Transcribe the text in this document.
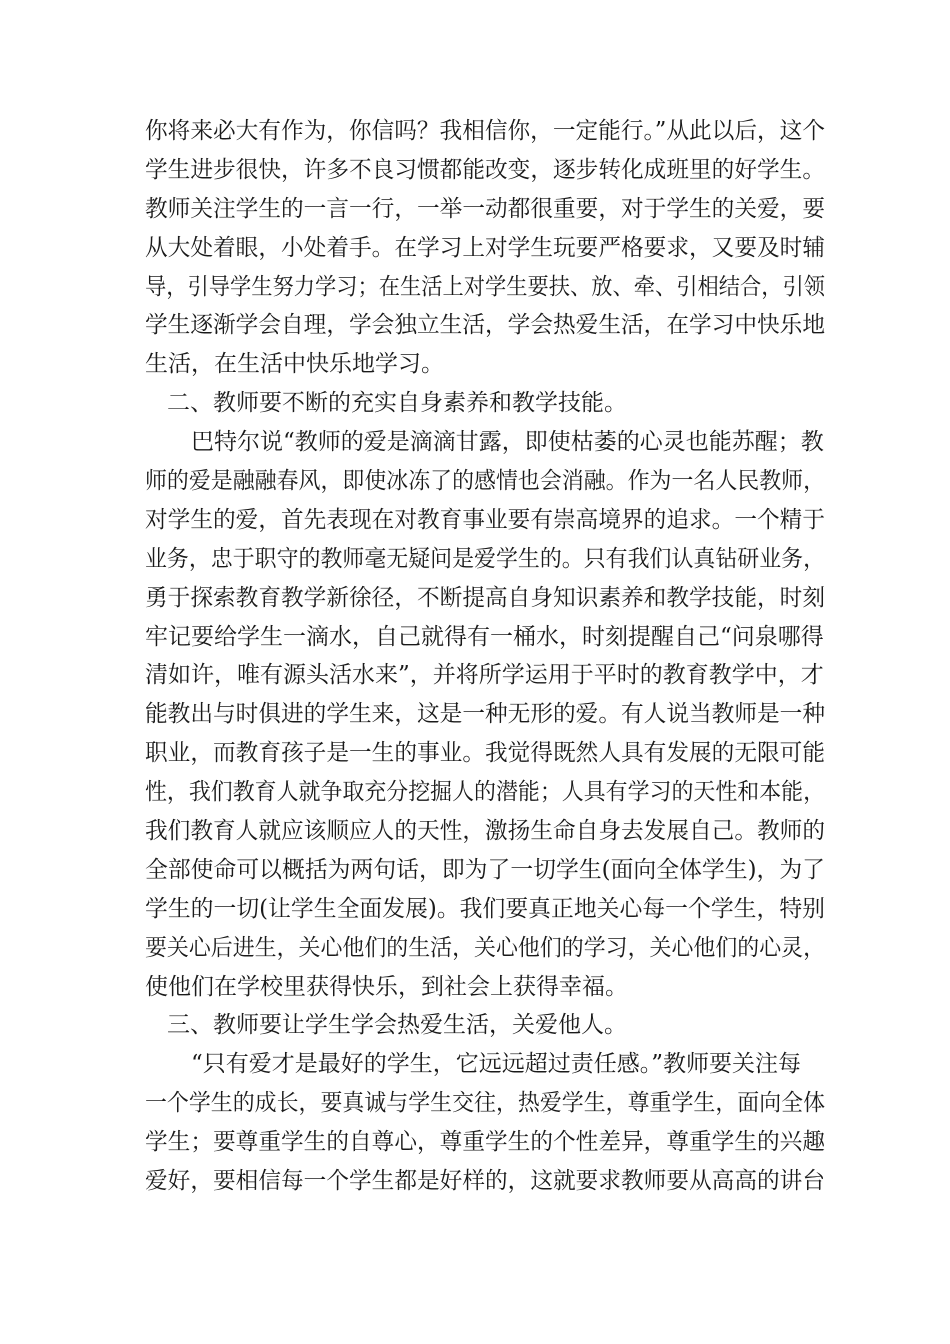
你将来必大有作为，你信吗？我相信你，一定能行。”从此以后，这个
学生进步很快，许多不良习惯都能改变，逐步转化成班里的好学生。
教师关注学生的一言一行，一举一动都很重要，对于学生的关爱，要
从大处着眼，小处着手。在学习上对学生玩要严格要求，又要及时辅
导，引导学生努力学习；在生活上对学生要扶、放、牵、引相结合，引领
学生逐渐学会自理，学会独立生活，学会热爱生活，在学习中快乐地
生活，在生活中快乐地学习。
二、教师要不断的充实自身素养和教学技能。
巴特尔说“教师的爱是滴滴甘露，即使枯萎的心灵也能苏醒；教
师的爱是融融春风，即使冰冻了的感情也会消融。作为一名人民教师，
对学生的爱，首先表现在对教育事业要有崇高境界的追求。一个精于
业务，忠于职守的教师毫无疑问是爱学生的。只有我们认真钻研业务，
勇于探索教育教学新徐径，不断提高自身知识素养和教学技能，时刻
牢记要给学生一滴水，自己就得有一桶水，时刻提醒自己“问泉哪得
清如许，唯有源头活水来”，并将所学运用于平时的教育教学中，才
能教出与时俱进的学生来，这是一种无形的爱。有人说当教师是一种
职业，而教育孩子是一生的事业。我觉得既然人具有发展的无限可能
性，我们教育人就争取充分挖掘人的潜能；人具有学习的天性和本能，
我们教育人就应该顺应人的天性，激扬生命自身去发展自己。教师的
全部使命可以概括为两句话，即为了一切学生(面向全体学生)，为了
学生的一切(让学生全面发展)。我们要真正地关心每一个学生，特别
要关心后进生，关心他们的生活，关心他们的学习，关心他们的心灵，
使他们在学校里获得快乐，到社会上获得幸福。
三、教师要让学生学会热爱生活，关爱他人。
“只有爱才是最好的学生，它远远超过责任感。”教师要关注每
一个学生的成长，要真诚与学生交往，热爱学生，尊重学生，面向全体
学生；要尊重学生的自尊心，尊重学生的个性差异，尊重学生的兴趣
爱好，要相信每一个学生都是好样的，这就要求教师要从高高的讲台
